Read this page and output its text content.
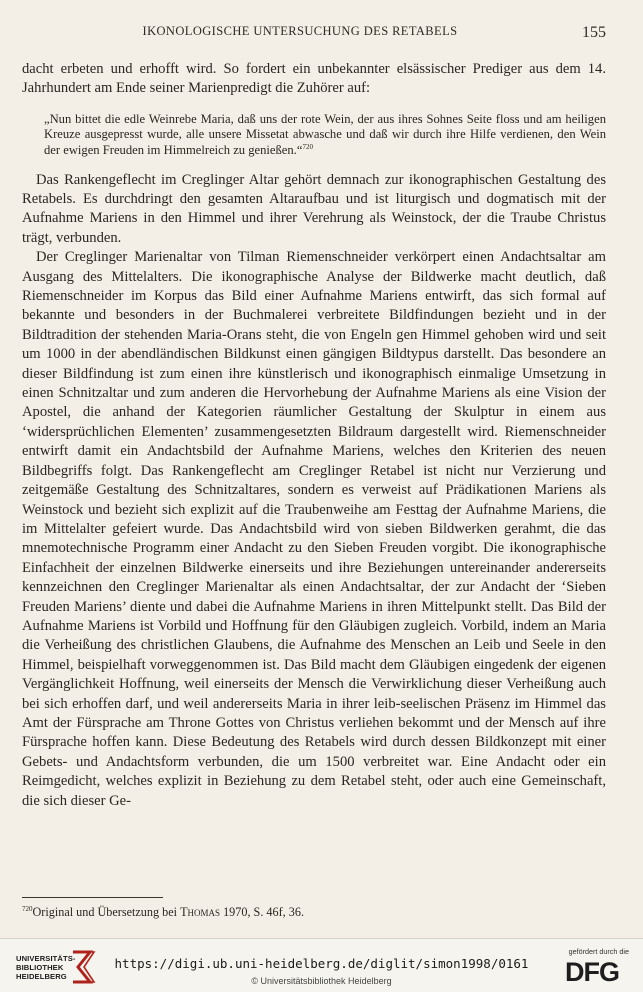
IKONOLOGISCHE UNTERSUCHUNG DES RETABELS	155

dacht erbeten und erhofft wird. So fordert ein unbekannter elsässischer Prediger aus dem 14. Jahrhundert am Ende seiner Marienpredigt die Zuhörer auf:

„Nun bittet die edle Weinrebe Maria, daß uns der rote Wein, der aus ihres Sohnes Seite floss und am heiligen Kreuze ausgepresst wurde, alle unsere Missetat abwasche und daß wir durch ihre Hilfe verdienen, den Wein der ewigen Freuden im Himmelreich zu genießen.“$^{720}$

Das Rankengeflecht im Creglinger Altar gehört demnach zur ikonographischen Gestaltung des Retabels. Es durchdringt den gesamten Altaraufbau und ist liturgisch und dogmatisch mit der Aufnahme Mariens in den Himmel und ihrer Verehrung als Weinstock, der die Traube Christus trägt, verbunden.

Der Creglinger Marienaltar von Tilman Riemenschneider verkörpert einen Andachtsaltar am Ausgang des Mittelalters. Die ikonographische Analyse der Bildwerke macht deutlich, daß Riemenschneider im Korpus das Bild einer Aufnahme Mariens entwirft, das sich formal auf bekannte und besonders in der Buchmalerei verbreitete Bildfindungen bezieht und in der Bildtradition der stehenden Maria-Orans steht, die von Engeln gen Himmel gehoben wird und seit um 1000 in der abendländischen Bildkunst einen gängigen Bildtypus darstellt. Das besondere an dieser Bildfindung ist zum einen ihre künstlerisch und ikonographisch einmalige Umsetzung in einen Schnitzaltar und zum anderen die Hervorhebung der Aufnahme Mariens als eine Vision der Apostel, die anhand der Kategorien räumlicher Gestaltung der Skulptur in einem aus ‘widersprüchlichen Elementen’ zusammengesetzten Bildraum dargestellt wird. Riemenschneider entwirft damit ein Andachtsbild der Aufnahme Mariens, welches den Kriterien des neuen Bildbegriffs folgt. Das Rankengeflecht am Creglinger Retabel ist nicht nur Verzierung und zeitgemäße Gestaltung des Schnitzaltares, sondern es verweist auf Prädikationen Mariens als Weinstock und bezieht sich explizit auf die Traubenweihe am Festtag der Aufnahme Mariens, die im Mittelalter gefeiert wurde. Das Andachtsbild wird von sieben Bildwerken gerahmt, die das mnemotechnische Programm einer Andacht zu den Sieben Freuden vorgibt. Die ikonographische Einfachheit der einzelnen Bildwerke einerseits und ihre Beziehungen untereinander andererseits kennzeichnen den Creglinger Marienaltar als einen Andachtsaltar, der zur Andacht der ‘Sieben Freuden Mariens’ diente und dabei die Aufnahme Mariens in ihren Mittelpunkt stellt. Das Bild der Aufnahme Mariens ist Vorbild und Hoffnung für den Gläubigen zugleich. Vorbild, indem an Maria die Verheißung des christlichen Glaubens, die Aufnahme des Menschen an Leib und Seele in den Himmel, beispielhaft vorweggenommen ist. Das Bild macht dem Gläubigen eingedenk der eigenen Vergänglichkeit Hoffnung, weil einerseits der Mensch die Verwirklichung dieser Verheißung auch bei sich erhoffen darf, und weil andererseits Maria in ihrer leib-seelischen Präsenz im Himmel das Amt der Fürsprache am Throne Gottes von Christus verliehen bekommt und der Mensch auf ihre Fürsprache hoffen kann. Diese Bedeutung des Retabels wird durch dessen Bildkonzept mit einer Gebets- und Andachtsform verbunden, die um 1500 verbreitet war. Eine Andacht oder ein Reimgedicht, welches explizit in Beziehung zu dem Retabel steht, oder auch eine Gemeinschaft, die sich dieser Ge-

$^{720}$Original und Übersetzung bei Thomas 1970, S. 46f, 36.
UNIVERSITÄTS-
BIBLIOTHEK
HEIDELBERG
https://digi.ub.uni-heidelberg.de/diglit/simon1998/0161
© Universitätsbibliothek Heidelberg
gefördert durch die
DFG
